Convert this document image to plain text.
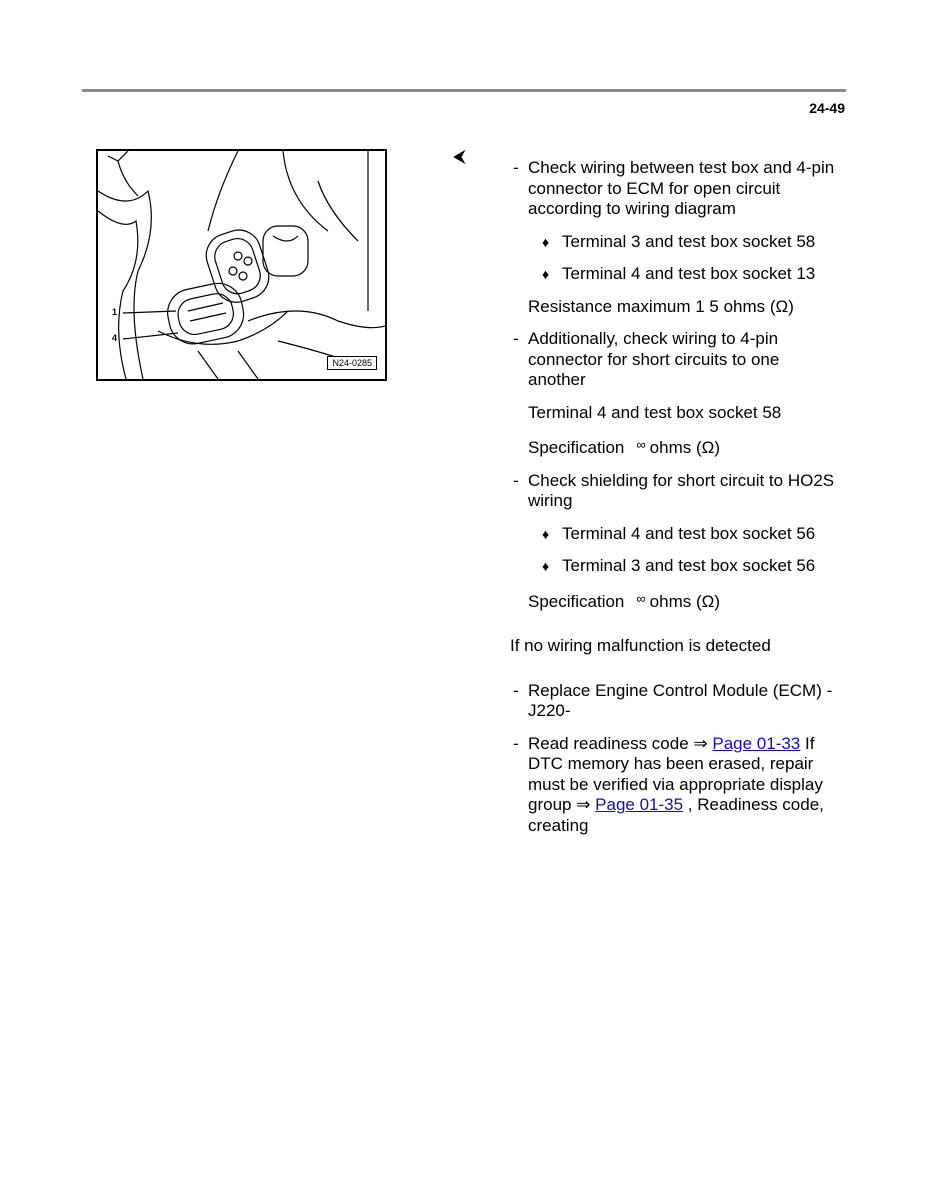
24-49
1
4
N24-0285
⮜
- Check wiring between test box and 4-pin connector to ECM for open circuit according to wiring diagram
♦ Terminal 3 and test box socket 58
♦ Terminal 4 and test box socket 13
Resistance maximum 1 5 ohms (Ω)
- Additionally, check wiring to 4-pin connector for short circuits to one another
Terminal 4 and test box socket 58
Specification ∞ ohms (Ω)
- Check shielding for short circuit to HO2S wiring
♦ Terminal 4 and test box socket 56
♦ Terminal 3 and test box socket 56
Specification ∞ ohms (Ω)
If no wiring malfunction is detected
- Replace Engine Control Module (ECM) -J220-
- Read readiness code ⇒ Page 01-33 If DTC memory has been erased, repair must be verified via appropriate display group ⇒ Page 01-35 , Readiness code, creating
